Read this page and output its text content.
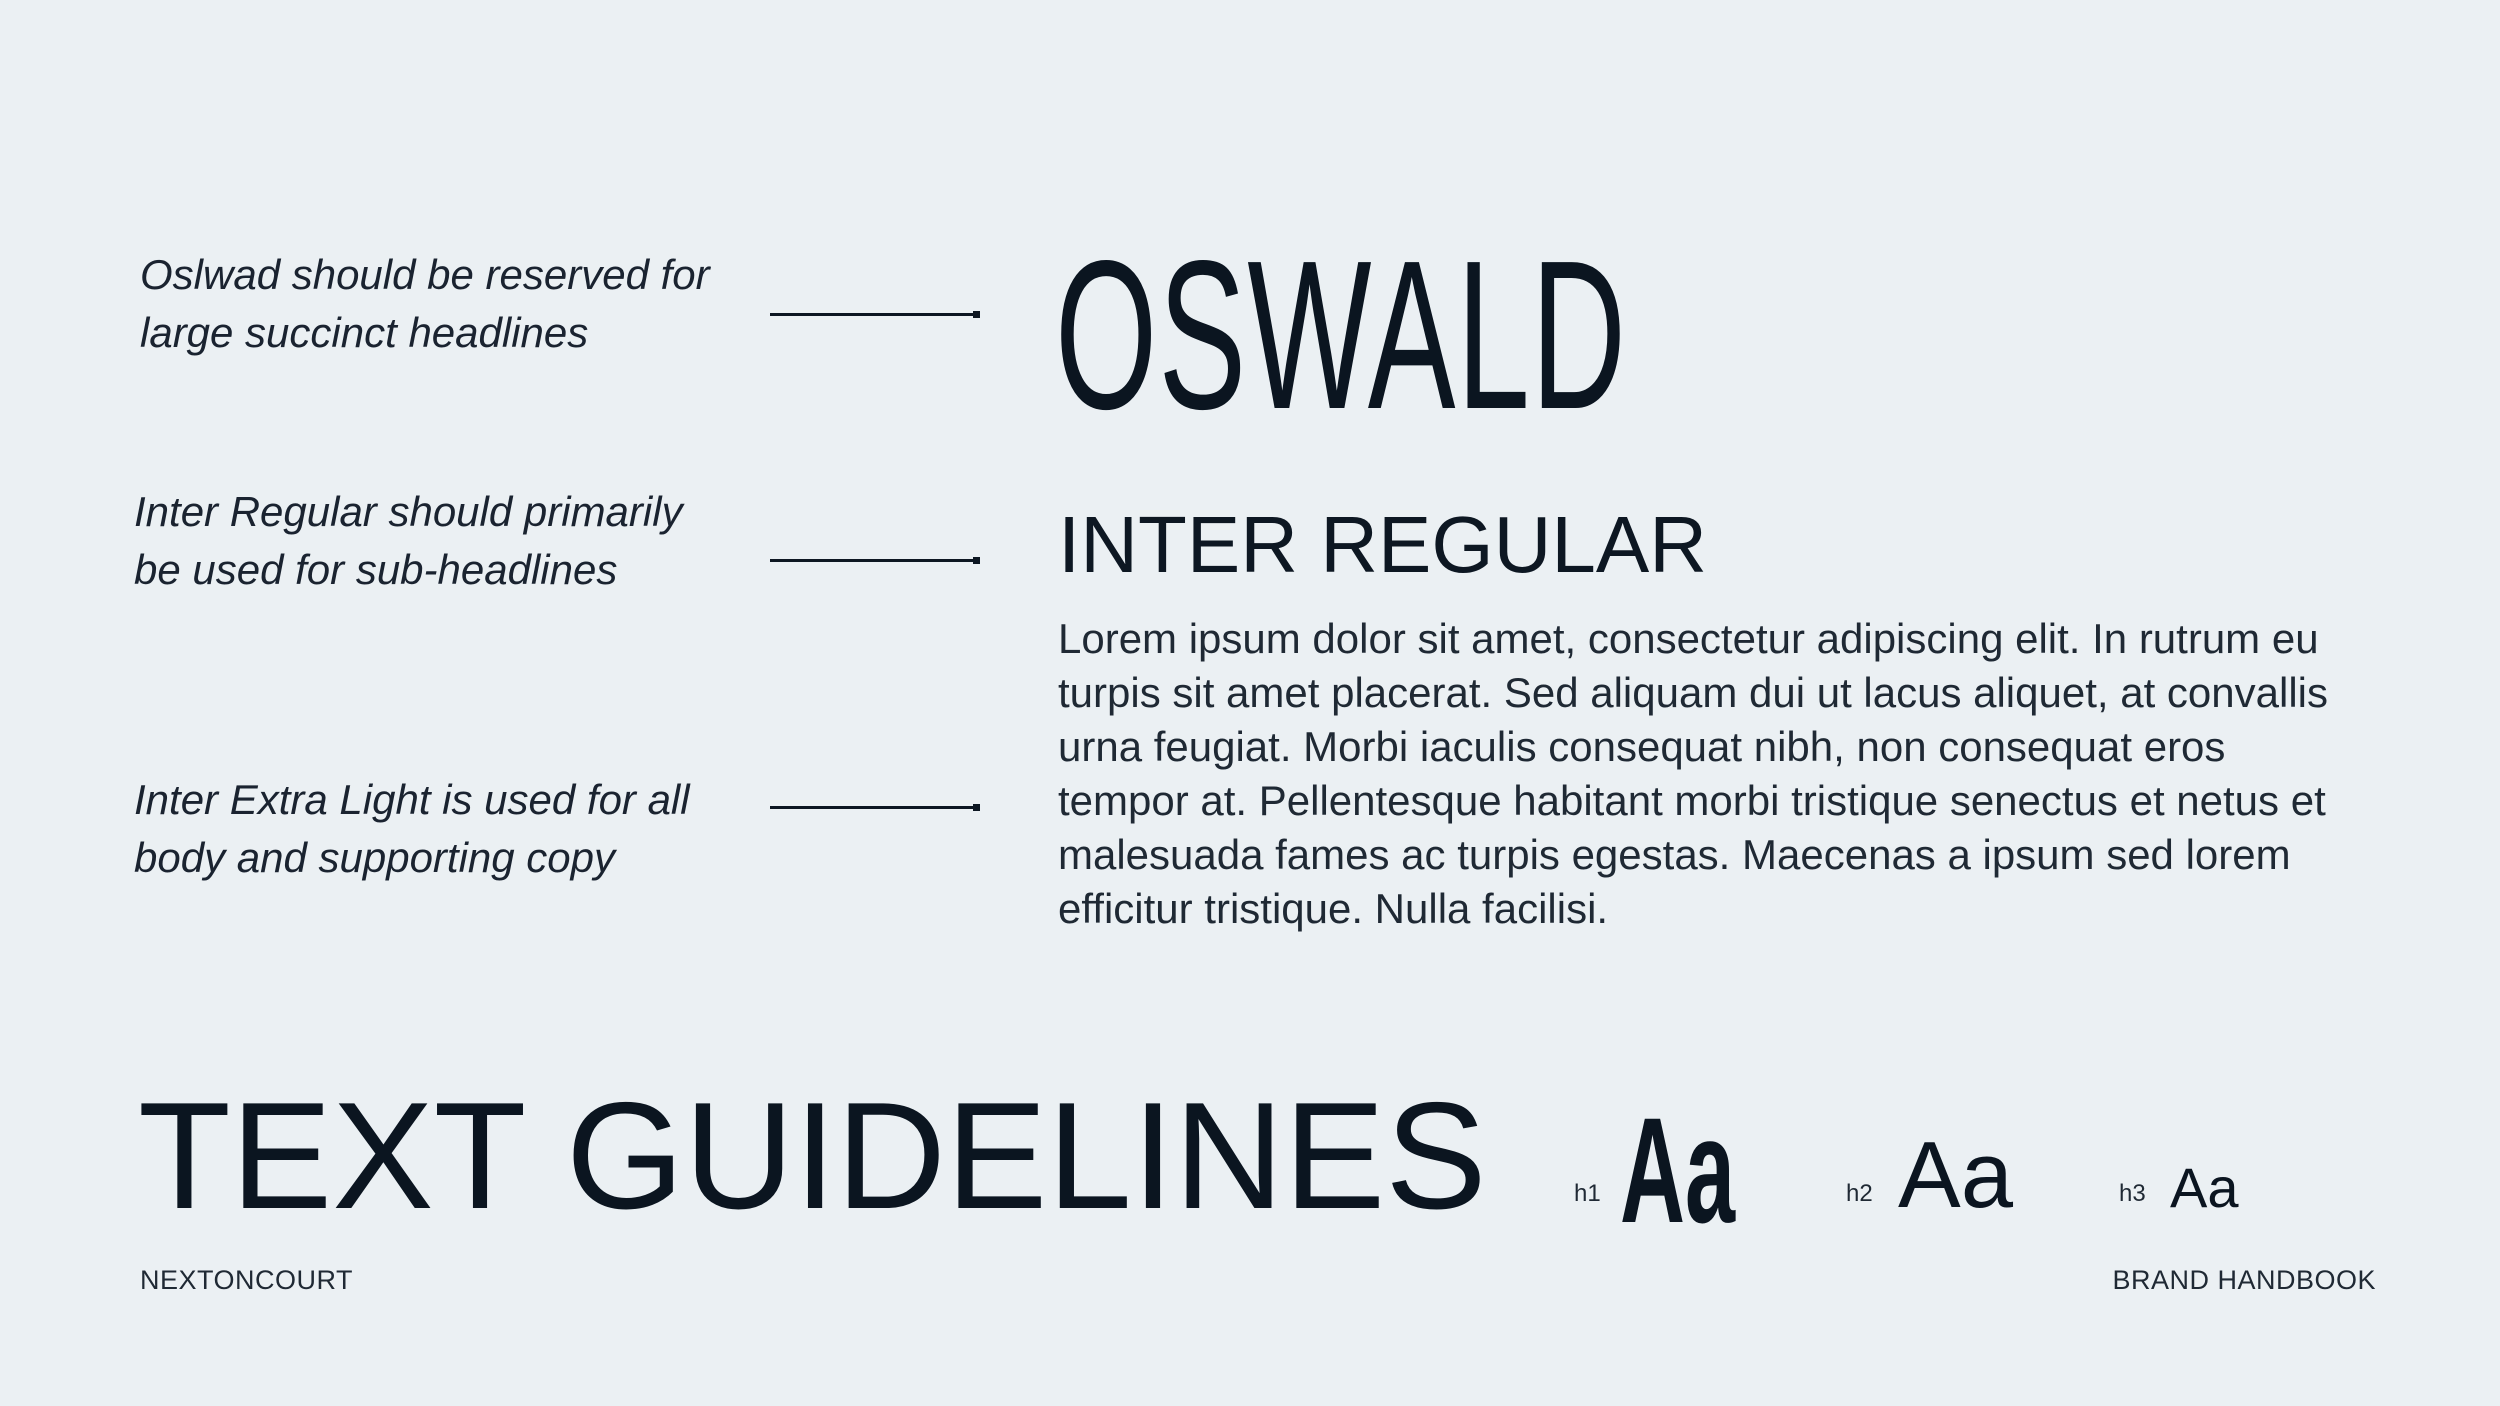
Oslwad should be reserved for
large succinct headlines

Inter Regular should primarily
be used for sub-headlines

Inter Extra Light is used for all
body and supporting copy

OSWALD
INTER REGULAR

Lorem ipsum dolor sit amet, consectetur adipiscing elit. In rutrum eu
turpis sit amet placerat. Sed aliquam dui ut lacus aliquet, at convallis
urna feugiat. Morbi iaculis consequat nibh, non consequat eros
tempor at. Pellentesque habitant morbi tristique senectus et netus et
malesuada fames ac turpis egestas. Maecenas a ipsum sed lorem
efficitur tristique. Nulla facilisi.

TEXT GUIDELINES	h1 Aa	h2 Aa	h3 Aa
NEXTONCOURT	BRAND HANDBOOK
